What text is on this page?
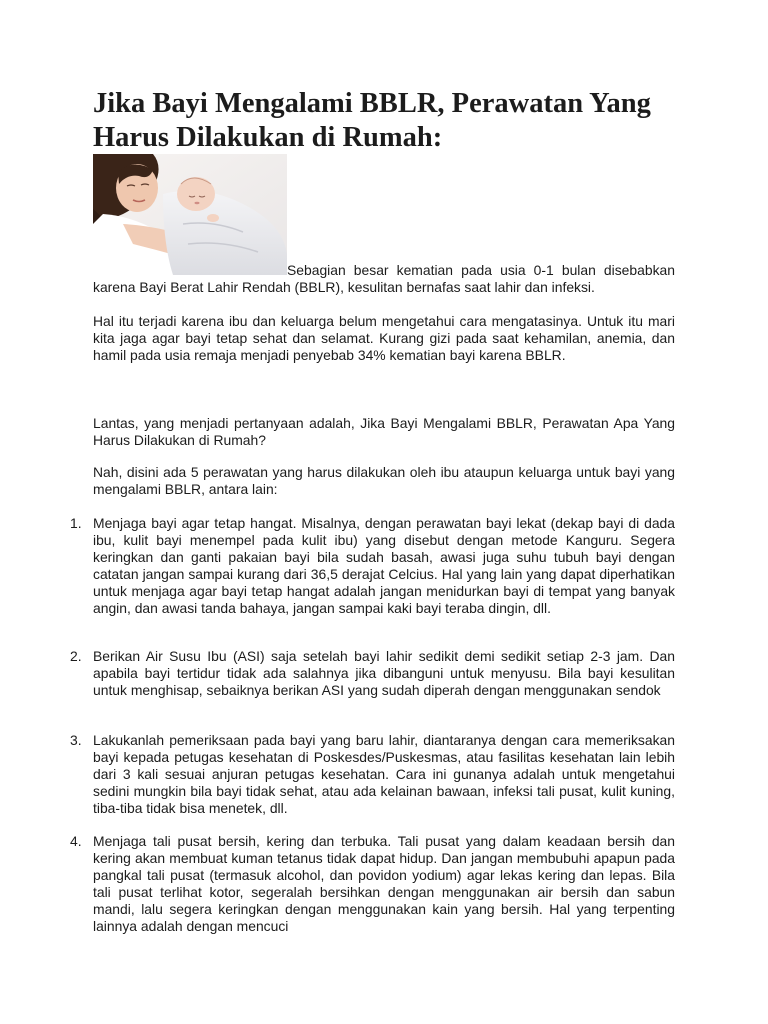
Jika Bayi Mengalami BBLR, Perawatan Yang Harus Dilakukan di Rumah:

Sebagian besar kematian pada usia 0-1 bulan disebabkan karena Bayi Berat Lahir Rendah (BBLR), kesulitan bernafas saat lahir dan infeksi.

Hal itu terjadi karena ibu dan keluarga belum mengetahui cara mengatasinya. Untuk itu mari kita jaga agar bayi tetap sehat dan selamat. Kurang gizi pada saat kehamilan, anemia, dan hamil pada usia remaja menjadi penyebab 34% kematian bayi karena BBLR.

Lantas, yang menjadi pertanyaan adalah, Jika Bayi Mengalami BBLR, Perawatan Apa Yang Harus Dilakukan di Rumah?

Nah, disini ada 5 perawatan yang harus dilakukan oleh ibu ataupun keluarga untuk bayi yang mengalami BBLR, antara lain:

1. Menjaga bayi agar tetap hangat. Misalnya, dengan perawatan bayi lekat (dekap bayi di dada ibu, kulit bayi menempel pada kulit ibu) yang disebut dengan metode Kanguru. Segera keringkan dan ganti pakaian bayi bila sudah basah, awasi juga suhu tubuh bayi dengan catatan jangan sampai kurang dari 36,5 derajat Celcius. Hal yang lain yang dapat diperhatikan untuk menjaga agar bayi tetap hangat adalah jangan menidurkan bayi di tempat yang banyak angin, dan awasi tanda bahaya, jangan sampai kaki bayi teraba dingin, dll.

2. Berikan Air Susu Ibu (ASI) saja setelah bayi lahir sedikit demi sedikit setiap 2-3 jam. Dan apabila bayi tertidur tidak ada salahnya jika dibanguni untuk menyusu. Bila bayi kesulitan untuk menghisap, sebaiknya berikan ASI yang sudah diperah dengan menggunakan sendok

3. Lakukanlah pemeriksaan pada bayi yang baru lahir, diantaranya dengan cara memeriksakan bayi kepada petugas kesehatan di Poskesdes/Puskesmas, atau fasilitas kesehatan lain lebih dari 3 kali sesuai anjuran petugas kesehatan. Cara ini gunanya adalah untuk mengetahui sedini mungkin bila bayi tidak sehat, atau ada kelainan bawaan, infeksi tali pusat, kulit kuning, tiba-tiba tidak bisa menetek, dll.

4. Menjaga tali pusat bersih, kering dan terbuka. Tali pusat yang dalam keadaan bersih dan kering akan membuat kuman tetanus tidak dapat hidup. Dan jangan membubuhi apapun pada pangkal tali pusat (termasuk alcohol, dan povidon yodium) agar lekas kering dan lepas. Bila tali pusat terlihat kotor, segeralah bersihkan dengan menggunakan air bersih dan sabun mandi, lalu segera keringkan dengan menggunakan kain yang bersih. Hal yang terpenting lainnya adalah dengan mencuci
